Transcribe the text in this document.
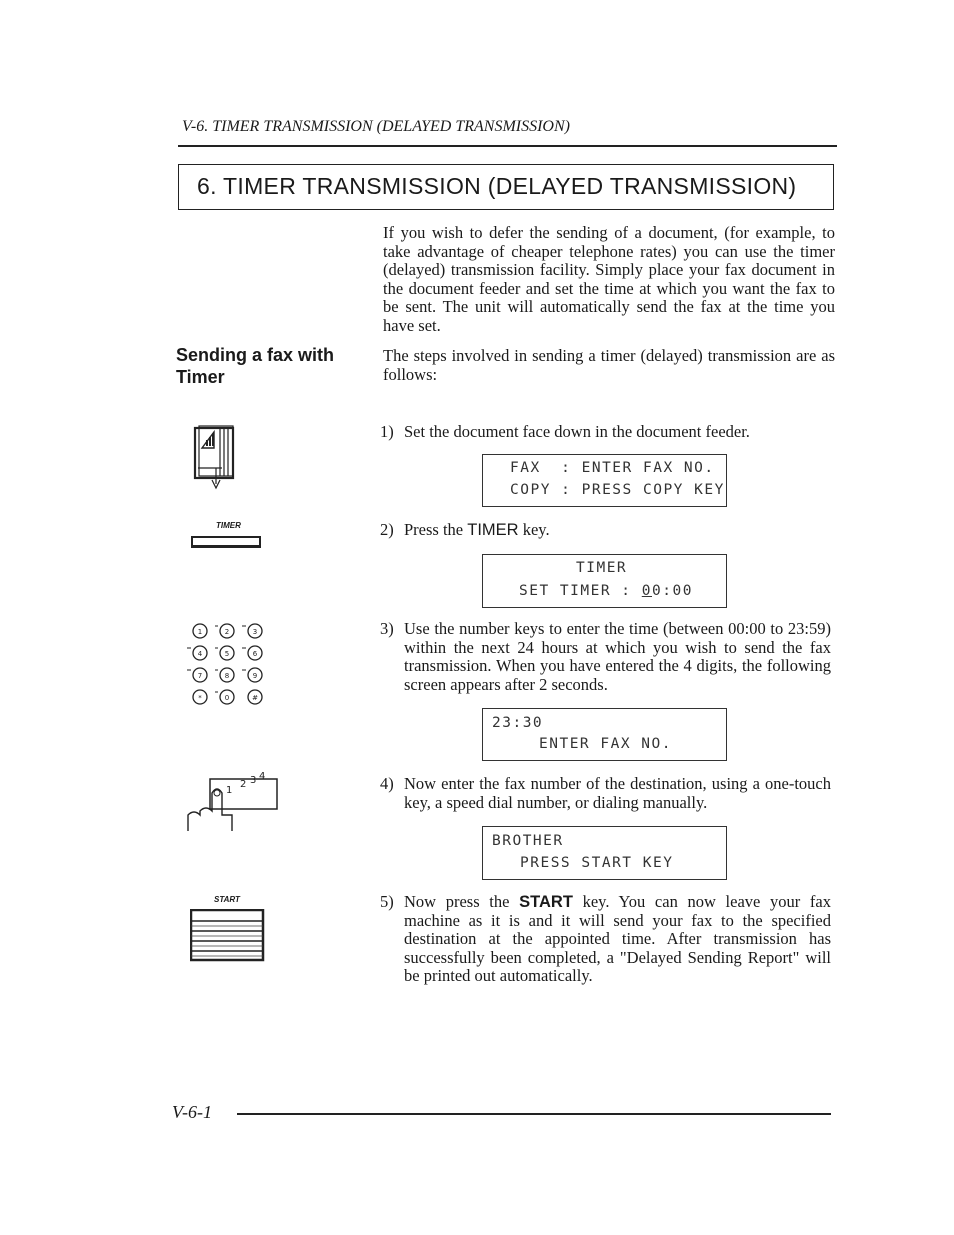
V-6. TIMER TRANSMISSION (DELAYED TRANSMISSION)
6. TIMER TRANSMISSION (DELAYED TRANSMISSION)
If you wish to defer the sending of a document, (for example, to take advantage of cheaper telephone rates) you can use the timer (delayed) transmission facility. Simply place your fax document in the document feeder and set the time at which you want the fax to be sent. The unit will automatically send the fax at the time you have set.
Sending a fax with Timer
The steps involved in sending a timer (delayed) transmission are as follows:
1) Set the document face down in the document feeder.
FAX  : ENTER FAX NO.
COPY : PRESS COPY KEY
2) Press the TIMER key.
TIMER
TIMER
SET TIMER : 00:00
3) Use the number keys to enter the time (between 00:00 to 23:59) within the next 24 hours at which you wish to send the fax transmission. When you have entered the 4 digits, the following screen appears after 2 seconds.
1	2	3
4	5	6
7	8	9
*	0	#
23:30
ENTER FAX NO.
4) Now enter the fax number of the destination, using a one-touch key, a speed dial number, or dialing manually.
1
2 3 4
BROTHER
PRESS START KEY
5) Now press the START key. You can now leave your fax machine as it is and it will send your fax to the specified destination at the appointed time. After transmission has successfully been completed, a "Delayed Sending Report" will be printed out automatically.
START
V-6-1
